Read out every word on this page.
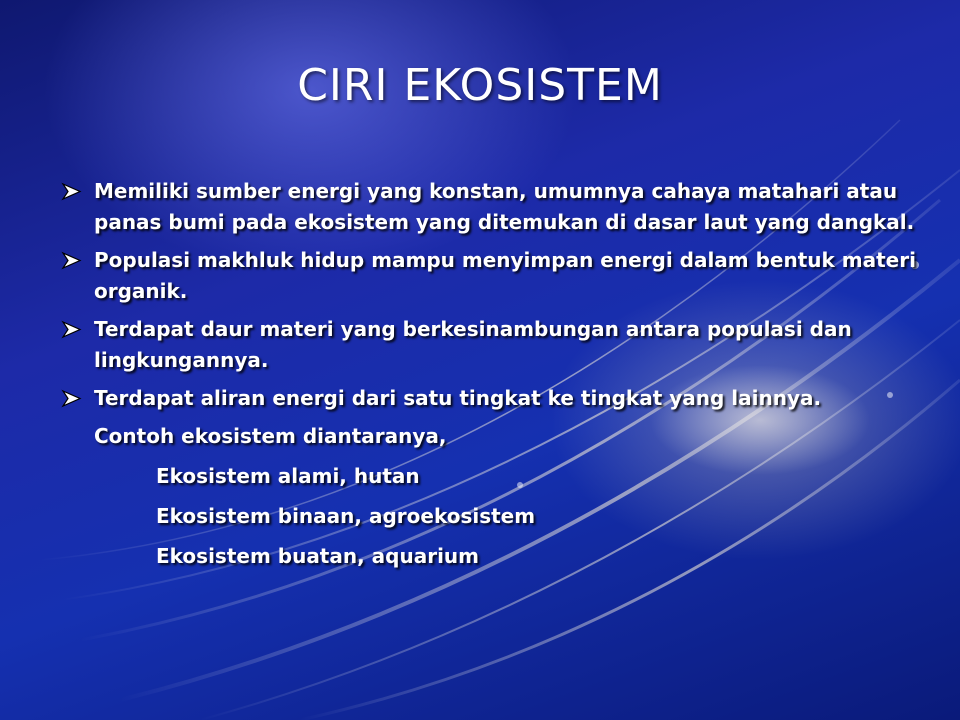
CIRI EKOSISTEM
Memiliki sumber energi yang konstan, umumnya cahaya matahari atau panas bumi pada ekosistem yang ditemukan di dasar laut yang dangkal.
Populasi makhluk hidup mampu menyimpan energi dalam bentuk materi organik.
Terdapat daur materi yang berkesinambungan antara populasi dan lingkungannya.
Terdapat aliran energi dari satu tingkat ke tingkat yang lainnya.
Contoh ekosistem diantaranya,
Ekosistem alami, hutan
Ekosistem binaan, agroekosistem
Ekosistem buatan, aquarium
